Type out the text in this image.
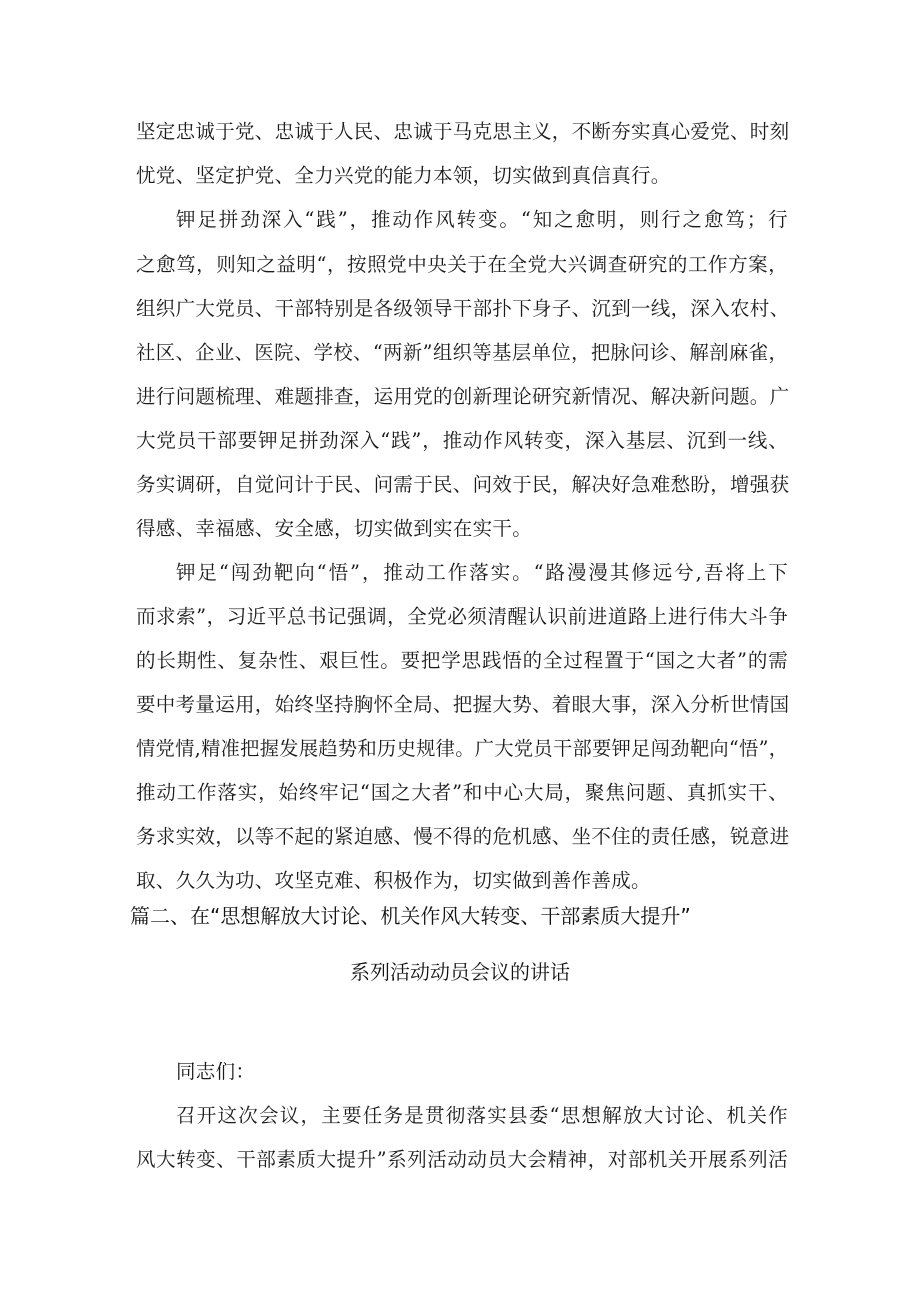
坚定忠诚于党、忠诚于人民、忠诚于马克思主义，不断夯实真心爱党、时刻
忧党、坚定护党、全力兴党的能力本领，切实做到真信真行。
钾足拼劲深入“践”，推动作风转变。“知之愈明，则行之愈笃；行
之愈笃，则知之益明“，按照党中央关于在全党大兴调查研究的工作方案，
组织广大党员、干部特别是各级领导干部扑下身子、沉到一线，深入农村、
社区、企业、医院、学校、“两新”组织等基层单位，把脉问诊、解剖麻雀，
进行问题梳理、难题排查，运用党的创新理论研究新情况、解决新问题。广
大党员干部要钾足拼劲深入“践”，推动作风转变，深入基层、沉到一线、
务实调研，自觉问计于民、问需于民、问效于民，解决好急难愁盼，增强获
得感、幸福感、安全感，切实做到实在实干。
钾足“闯劲靶向“悟”，推动工作落实。“路漫漫其修远兮,吾将上下
而求索”，习近平总书记强调，全党必须清醒认识前进道路上进行伟大斗争
的长期性、复杂性、艰巨性。要把学思践悟的全过程置于“国之大者”的需
要中考量运用，始终坚持胸怀全局、把握大势、着眼大事，深入分析世情国
情党情,精准把握发展趋势和历史规律。广大党员干部要钾足闯劲靶向“悟”，
推动工作落实，始终牢记“国之大者”和中心大局，聚焦问题、真抓实干、
务求实效，以等不起的紧迫感、慢不得的危机感、坐不住的责任感，锐意进
取、久久为功、攻坚克难、积极作为，切实做到善作善成。
篇二、在“思想解放大讨论、机关作风大转变、干部素质大提升”
系列活动动员会议的讲话
同志们：
召开这次会议，主要任务是贯彻落实县委“思想解放大讨论、机关作
风大转变、干部素质大提升”系列活动动员大会精神，对部机关开展系列活
